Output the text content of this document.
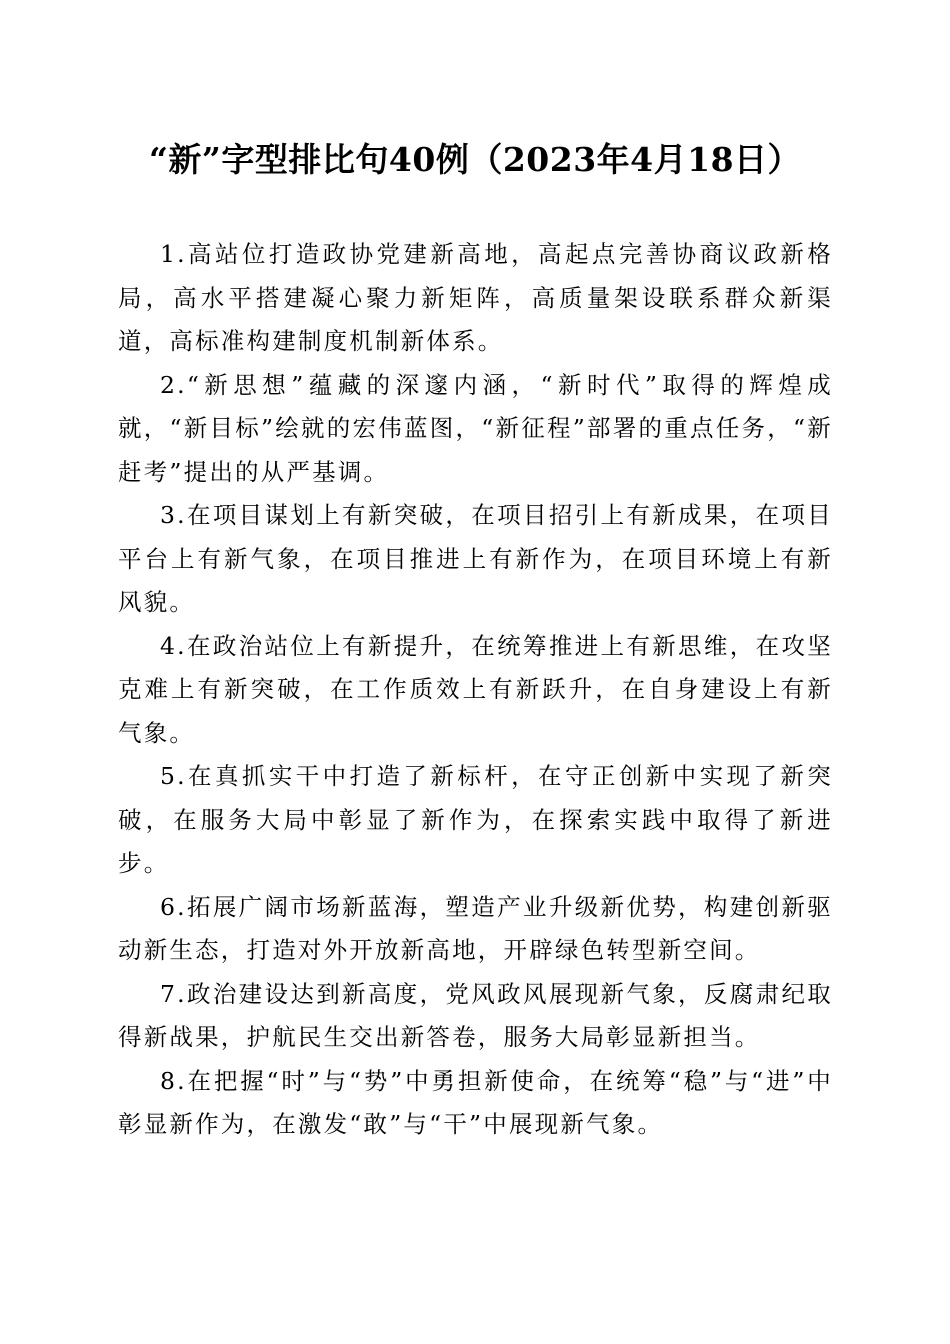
“新”字型排比句40例（2023年4月18日）

1.高站位打造政协党建新高地，高起点完善协商议政新格局，高水平搭建凝心聚力新矩阵，高质量架设联系群众新渠道，高标准构建制度机制新体系。

2.“新思想”蕴藏的深邃内涵，“新时代”取得的辉煌成就，“新目标”绘就的宏伟蓝图，“新征程”部署的重点任务，“新赶考”提出的从严基调。

3.在项目谋划上有新突破，在项目招引上有新成果，在项目平台上有新气象，在项目推进上有新作为，在项目环境上有新风貌。

4.在政治站位上有新提升，在统筹推进上有新思维，在攻坚克难上有新突破，在工作质效上有新跃升，在自身建设上有新气象。

5.在真抓实干中打造了新标杆，在守正创新中实现了新突破，在服务大局中彰显了新作为，在探索实践中取得了新进步。

6.拓展广阔市场新蓝海，塑造产业升级新优势，构建创新驱动新生态，打造对外开放新高地，开辟绿色转型新空间。

7.政治建设达到新高度，党风政风展现新气象，反腐肃纪取得新战果，护航民生交出新答卷，服务大局彰显新担当。

8.在把握“时”与“势”中勇担新使命，在统筹“稳”与“进”中彰显新作为，在激发“敢”与“干”中展现新气象。
